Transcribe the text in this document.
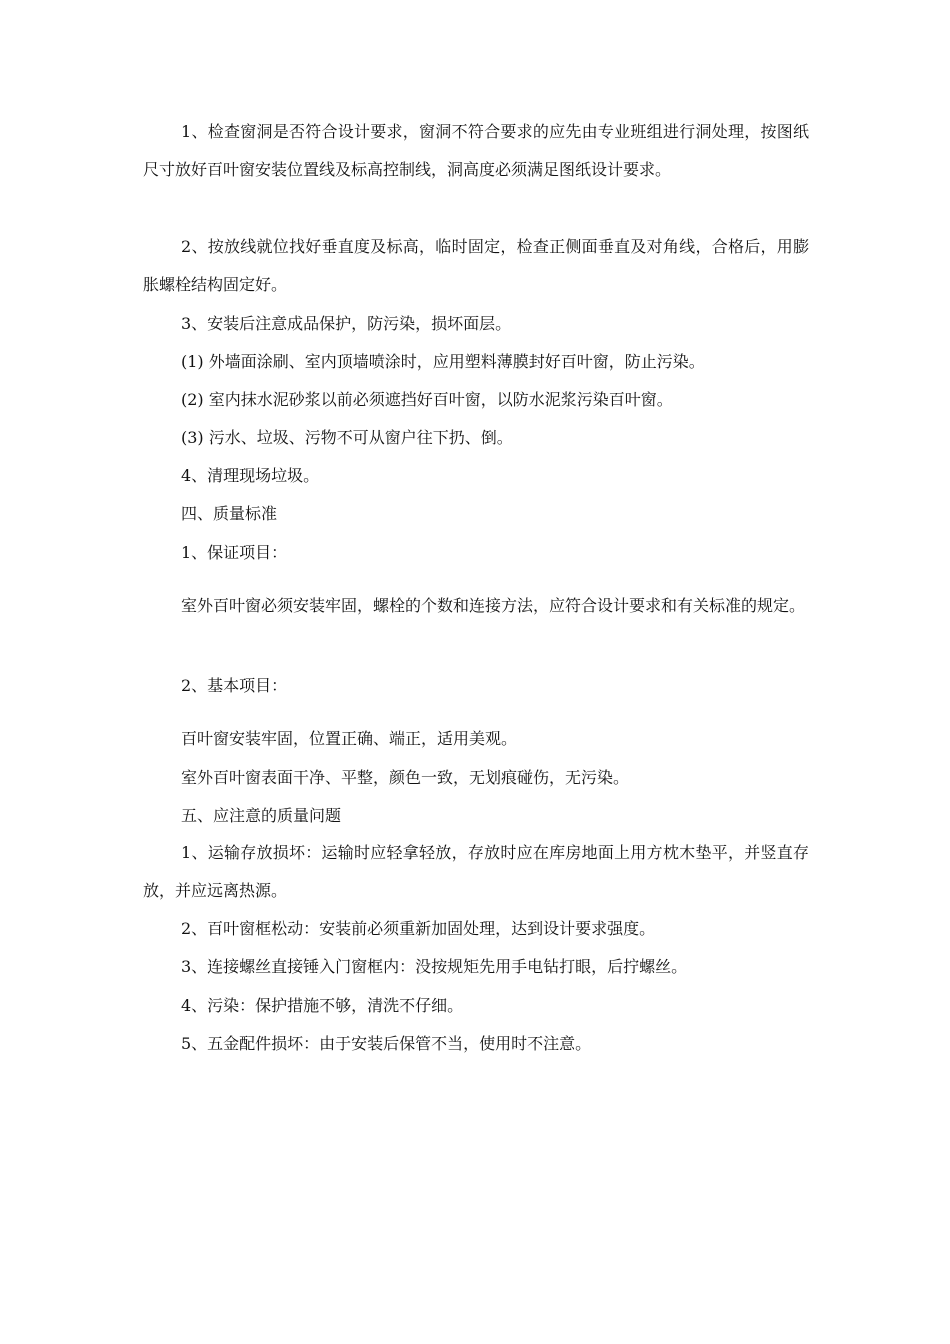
1、检查窗洞是否符合设计要求，窗洞不符合要求的应先由专业班组进行洞处理，按图纸尺寸放好百叶窗安装位置线及标高控制线，洞高度必须满足图纸设计要求。
2、按放线就位找好垂直度及标高，临时固定，检查正侧面垂直及对角线，合格后，用膨胀螺栓结构固定好。
3、安装后注意成品保护，防污染，损坏面层。
(1) 外墙面涂刷、室内顶墙喷涂时，应用塑料薄膜封好百叶窗，防止污染。
(2) 室内抹水泥砂浆以前必须遮挡好百叶窗，以防水泥浆污染百叶窗。
(3) 污水、垃圾、污物不可从窗户往下扔、倒。
4、清理现场垃圾。
四、质量标准
1、保证项目：
室外百叶窗必须安装牢固，螺栓的个数和连接方法，应符合设计要求和有关标准的规定。
2、基本项目：
百叶窗安装牢固，位置正确、端正，适用美观。
室外百叶窗表面干净、平整，颜色一致，无划痕碰伤，无污染。
五、应注意的质量问题
1、运输存放损坏：运输时应轻拿轻放，存放时应在库房地面上用方枕木垫平，并竖直存放，并应远离热源。
2、百叶窗框松动：安装前必须重新加固处理，达到设计要求强度。
3、连接螺丝直接锤入门窗框内：没按规矩先用手电钻打眼，后拧螺丝。
4、污染：保护措施不够，清洗不仔细。
5、五金配件损坏：由于安装后保管不当，使用时不注意。
